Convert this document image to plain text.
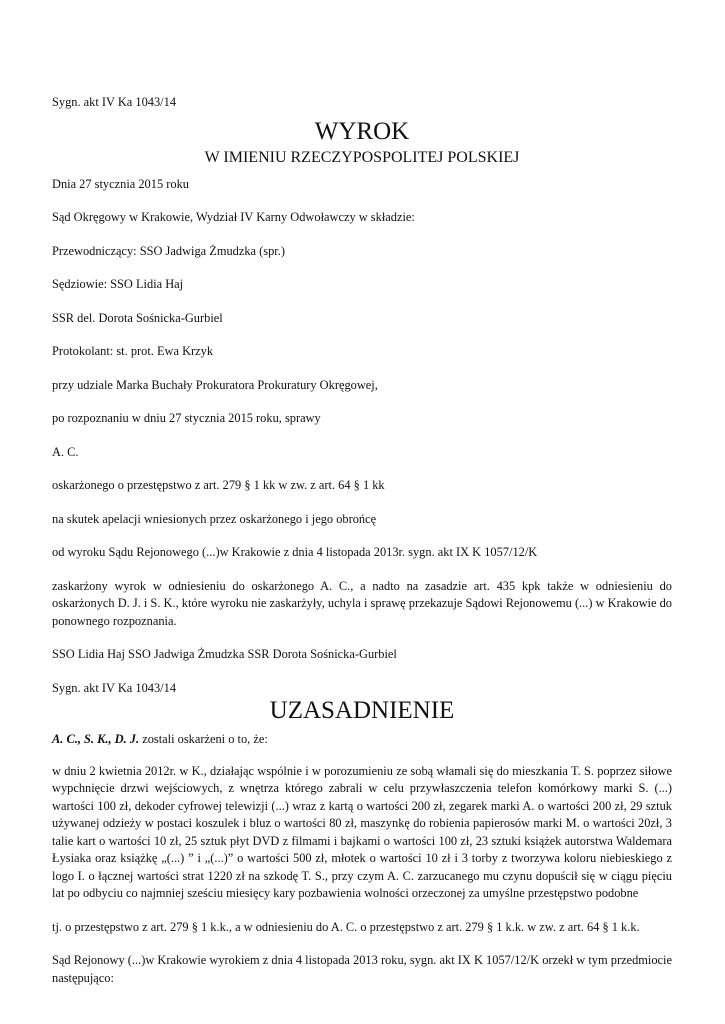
Sygn. akt IV Ka 1043/14

WYROK

W IMIENIU RZECZYPOSPOLITEJ POLSKIEJ

Dnia 27 stycznia 2015 roku

Sąd Okręgowy w Krakowie, Wydział IV Karny Odwoławczy w składzie:

Przewodniczący: SSO Jadwiga Żmudzka (spr.)

Sędziowie: SSO Lidia Haj

SSR del. Dorota Sośnicka-Gurbiel

Protokolant: st. prot. Ewa Krzyk

przy udziale Marka Buchały Prokuratora Prokuratury Okręgowej,

po rozpoznaniu w dniu 27 stycznia 2015 roku, sprawy

A. C.

oskarżonego o przestępstwo z art. 279 § 1 kk w zw. z art. 64 § 1 kk

na skutek apelacji wniesionych przez oskarżonego i jego obrońcę

od wyroku Sądu Rejonowego (...)w Krakowie z dnia 4 listopada 2013r. sygn. akt IX K 1057/12/K

zaskarżony wyrok w odniesieniu do oskarżonego A. C., a nadto na zasadzie art. 435 kpk także w odniesieniu do oskarżonych D. J. i S. K., które wyroku nie zaskarżyły, uchyla i sprawę przekazuje Sądowi Rejonowemu (...) w Krakowie do ponownego rozpoznania.

SSO Lidia Haj SSO Jadwiga Żmudzka SSR Dorota Sośnicka-Gurbiel

Sygn. akt IV Ka 1043/14

UZASADNIENIE

A. C., S. K., D. J. zostali oskarżeni o to, że:

w dniu 2 kwietnia 2012r. w K., działając wspólnie i w porozumieniu ze sobą włamali się do mieszkania T. S. poprzez siłowe wypchnięcie drzwi wejściowych, z wnętrza którego zabrali w celu przywłaszczenia telefon komórkowy marki S. (...) wartości 100 zł, dekoder cyfrowej telewizji (...) wraz z kartą o wartości 200 zł, zegarek marki A. o wartości 200 zł, 29 sztuk używanej odzieży w postaci koszulek i bluz o wartości 80 zł, maszynkę do robienia papierosów marki M. o wartości 20zł, 3 talie kart o wartości 10 zł, 25 sztuk płyt DVD z filmami i bajkami o wartości 100 zł, 23 sztuki książek autorstwa Waldemara Łysiaka oraz książkę „(...) ” i „(...)” o wartości 500 zł, młotek o wartości 10 zł i 3 torby z tworzywa koloru niebieskiego z logo I. o łącznej wartości strat 1220 zł na szkodę T. S., przy czym A. C. zarzucanego mu czynu dopuścił się w ciągu pięciu lat po odbyciu co najmniej sześciu miesięcy kary pozbawienia wolności orzeczonej za umyślne przestępstwo podobne

tj. o przestępstwo z art. 279 § 1 k.k., a w odniesieniu do A. C. o przestępstwo z art. 279 § 1 k.k. w zw. z art. 64 § 1 k.k.

Sąd Rejonowy (...)w Krakowie wyrokiem z dnia 4 listopada 2013 roku, sygn. akt IX K 1057/12/K orzekł w tym przedmiocie następująco:
